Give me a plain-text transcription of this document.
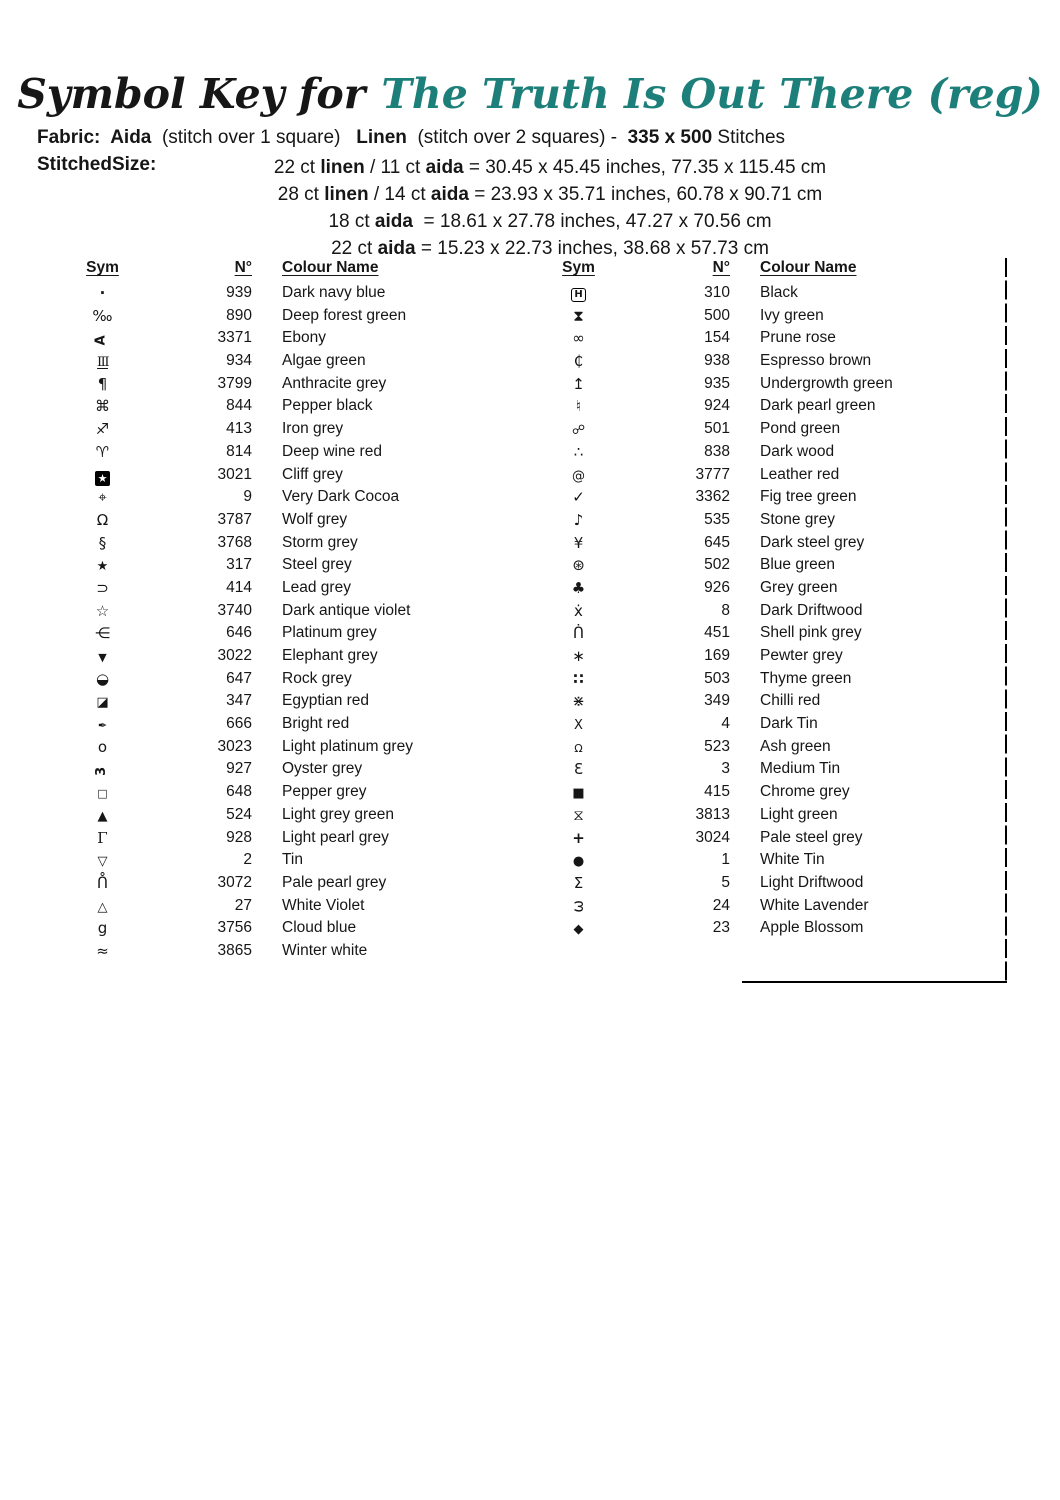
Symbol Key for The Truth Is Out There (reg)
Fabric:  Aida  (stitch over 1 square)   Linen  (stitch over 2 squares) -  335 x 500 Stitches
StitchedSize:	22 ct linen / 11 ct aida = 30.45 x 45.45 inches, 77.35 x 115.45 cm
28 ct linen / 14 ct aida = 23.93 x 35.71 inches, 60.78 x 90.71 cm
18 ct aida  = 18.61 x 27.78 inches, 47.27 x 70.56 cm
22 ct aida = 15.23 x 22.73 inches, 38.68 x 57.73 cm
Sym	N°	Colour Name
·	939	Dark navy blue
‰	890	Deep forest green
A	3371	Ebony
III	934	Algae green
¶	3799	Anthracite grey
⌘	844	Pepper black
♐	413	Iron grey
♈	814	Deep wine red
★	3021	Cliff grey
⌖	9	Very Dark Cocoa
Ω	3787	Wolf grey
§	3768	Storm grey
★	317	Steel grey
⊃	414	Lead grey
☆	3740	Dark antique violet
⋲	646	Platinum grey
▼	3022	Elephant grey
◒	647	Rock grey
◪	347	Egyptian red
✒	666	Bright red
o	3023	Light platinum grey
3	927	Oyster grey
□	648	Pepper grey
▲	524	Light grey green
Γ	928	Light pearl grey
▽	2	Tin
ᑍ	3072	Pale pearl grey
△	27	White Violet
g	3756	Cloud blue
≈	3865	Winter white
Sym	N°	Colour Name
H	310	Black
⧗	500	Ivy green
∞	154	Prune rose
₵	938	Espresso brown
↥	935	Undergrowth green
♮	924	Dark pearl green
☍	501	Pond green
∴	838	Dark wood
@	3777	Leather red
✓	3362	Fig tree green
♪	535	Stone grey
¥	645	Dark steel grey
⊛	502	Blue green
♣	926	Grey green
ẋ	8	Dark Driftwood
ᑏ	451	Shell pink grey
∗	169	Pewter grey
∷	503	Thyme green
⋇	349	Chilli red
X	4	Dark Tin
Ω	523	Ash green
Ɛ	3	Medium Tin
■	415	Chrome grey
⧖	3813	Light green
+	3024	Pale steel grey
●	1	White Tin
Σ	5	Light Driftwood
ω	24	White Lavender
◆	23	Apple Blossom
